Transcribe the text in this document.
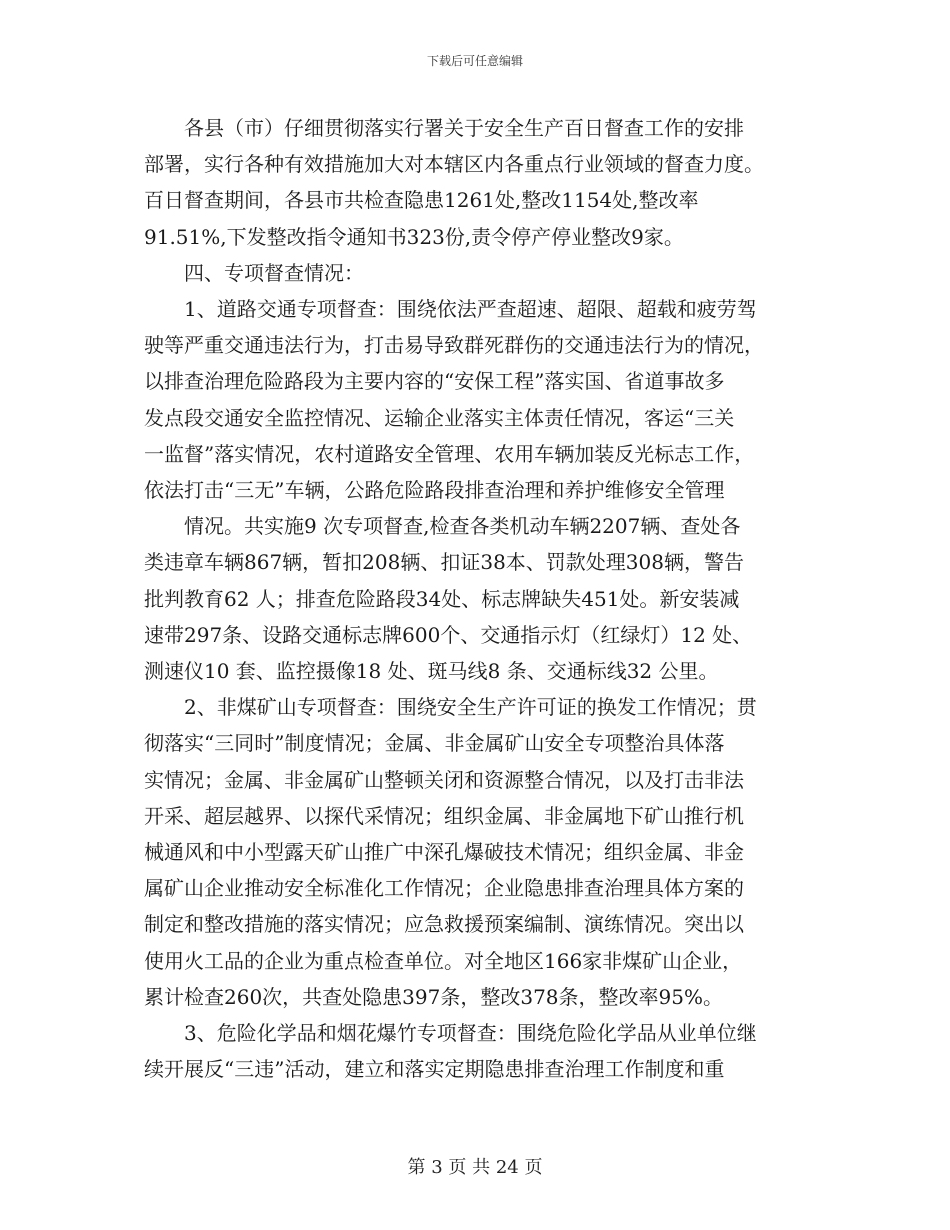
下载后可任意编辑

各县（市）仔细贯彻落实行署关于安全生产百日督查工作的安排
部署，实行各种有效措施加大对本辖区内各重点行业领域的督查力度。
百日督查期间，各县市共检查隐患1261处,整改1154处,整改率
91.51%,下发整改指令通知书323份,责令停产停业整改9家。

四、专项督查情况：

1、道路交通专项督查：围绕依法严查超速、超限、超载和疲劳驾
驶等严重交通违法行为，打击易导致群死群伤的交通违法行为的情况，
以排查治理危险路段为主要内容的“安保工程”落实国、省道事故多
发点段交通安全监控情况、运输企业落实主体责任情况，客运“三关
一监督”落实情况，农村道路安全管理、农用车辆加装反光标志工作，
依法打击“三无”车辆，公路危险路段排查治理和养护维修安全管理

情况。共实施9 次专项督查,检查各类机动车辆2207辆、查处各
类违章车辆867辆，暂扣208辆、扣证38本、罚款处理308辆，警告
批判教育62 人；排查危险路段34处、标志牌缺失451处。新安装减
速带297条、设路交通标志牌600个、交通指示灯（红绿灯）12 处、
测速仪10 套、监控摄像18 处、斑马线8 条、交通标线32 公里。

2、非煤矿山专项督查：围绕安全生产许可证的换发工作情况；贯
彻落实“三同时”制度情况；金属、非金属矿山安全专项整治具体落
实情况；金属、非金属矿山整顿关闭和资源整合情况，以及打击非法
开采、超层越界、以探代采情况；组织金属、非金属地下矿山推行机
械通风和中小型露天矿山推广中深孔爆破技术情况；组织金属、非金
属矿山企业推动安全标准化工作情况；企业隐患排查治理具体方案的
制定和整改措施的落实情况；应急救援预案编制、演练情况。突出以
使用火工品的企业为重点检查单位。对全地区166家非煤矿山企业，
累计检查260次，共查处隐患397条，整改378条，整改率95%。

3、危险化学品和烟花爆竹专项督查：围绕危险化学品从业单位继
续开展反“三违”活动，建立和落实定期隐患排查治理工作制度和重

第 3 页 共 24 页
